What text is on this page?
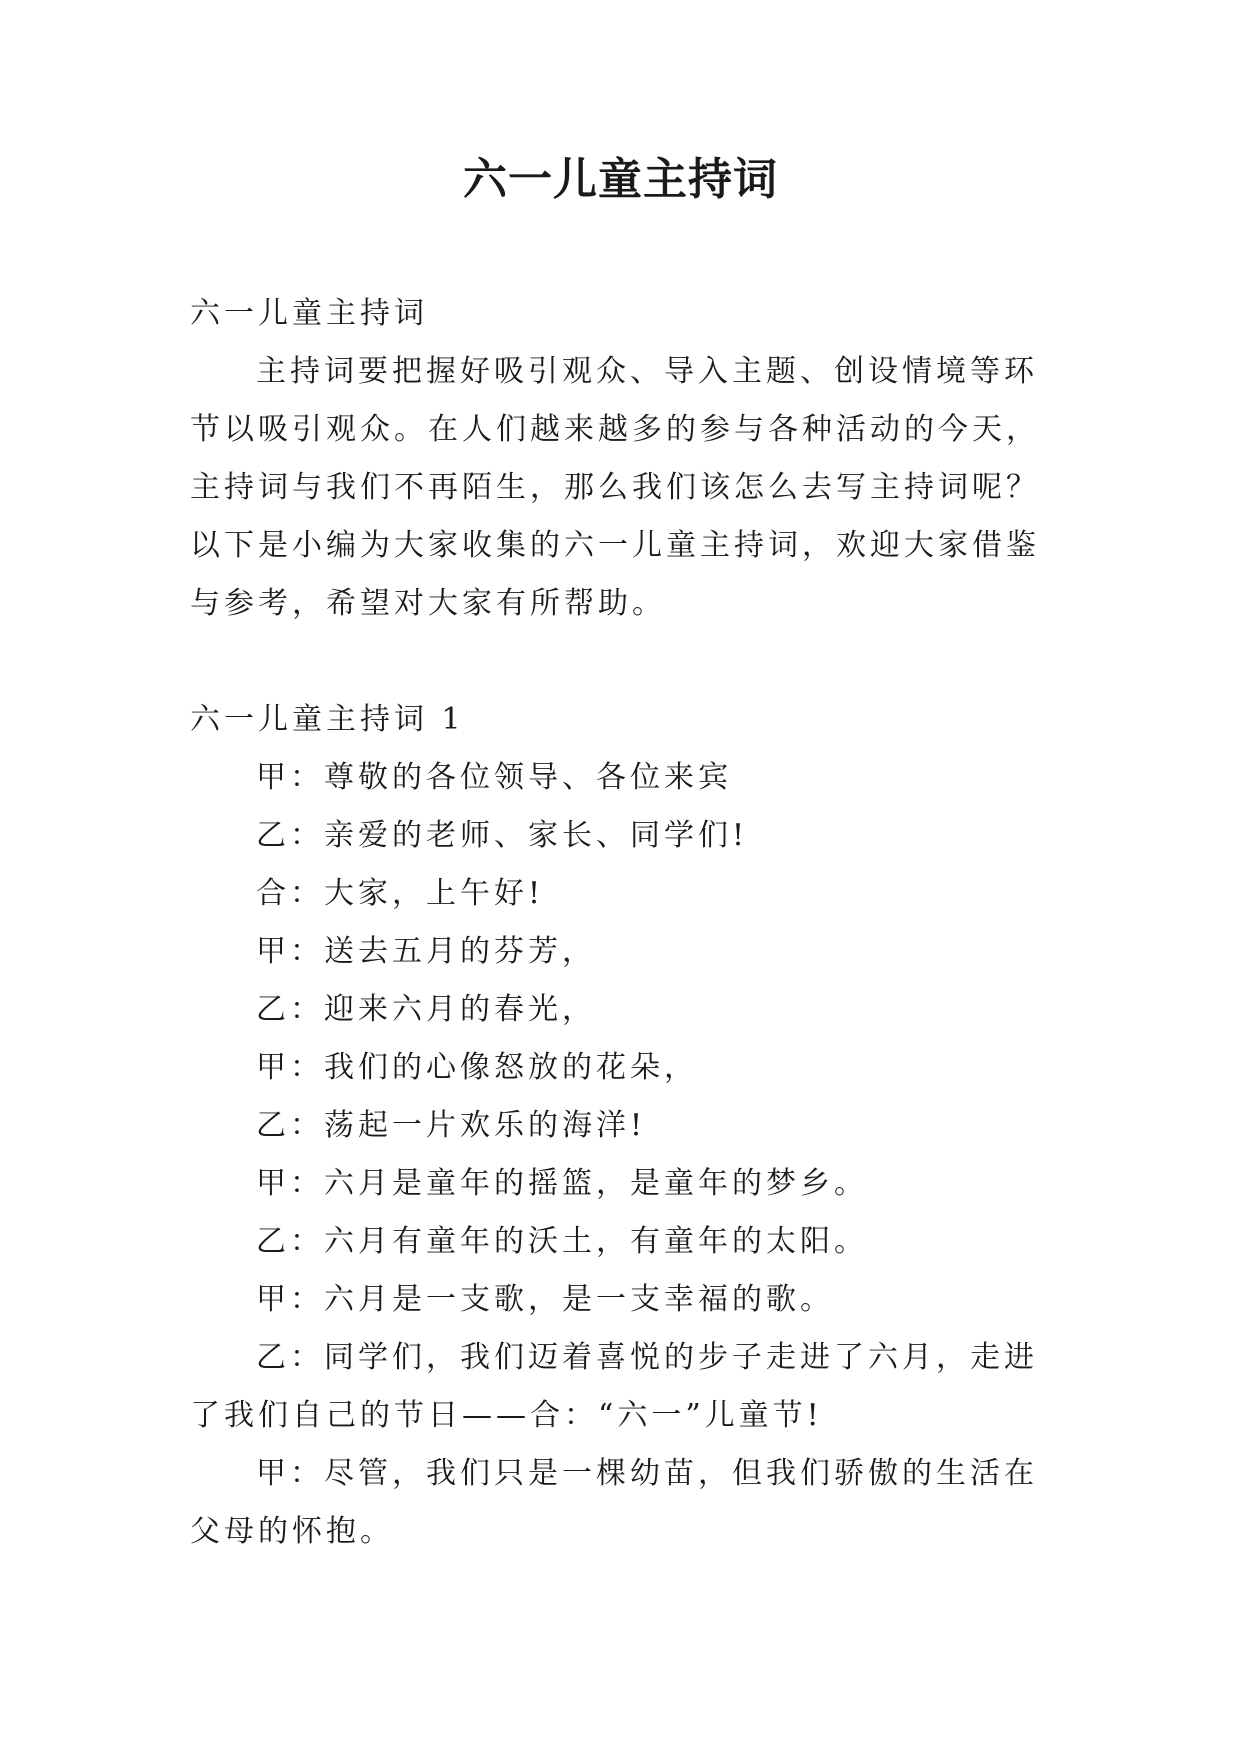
六一儿童主持词

六一儿童主持词

主持词要把握好吸引观众、导入主题、创设情境等环节以吸引观众。在人们越来越多的参与各种活动的今天，主持词与我们不再陌生，那么我们该怎么去写主持词呢？以下是小编为大家收集的六一儿童主持词，欢迎大家借鉴与参考，希望对大家有所帮助。

六一儿童主持词 1

甲：尊敬的各位领导、各位来宾

乙：亲爱的老师、家长、同学们!

合：大家，上午好!

甲：送去五月的芬芳，

乙：迎来六月的春光，

甲：我们的心像怒放的花朵，

乙：荡起一片欢乐的海洋!

甲：六月是童年的摇篮，是童年的梦乡。

乙：六月有童年的沃土，有童年的太阳。

甲：六月是一支歌，是一支幸福的歌。

乙：同学们，我们迈着喜悦的步子走进了六月，走进了我们自己的节日——合：“六一”儿童节!

甲：尽管，我们只是一棵幼苗，但我们骄傲的生活在父母的怀抱。
